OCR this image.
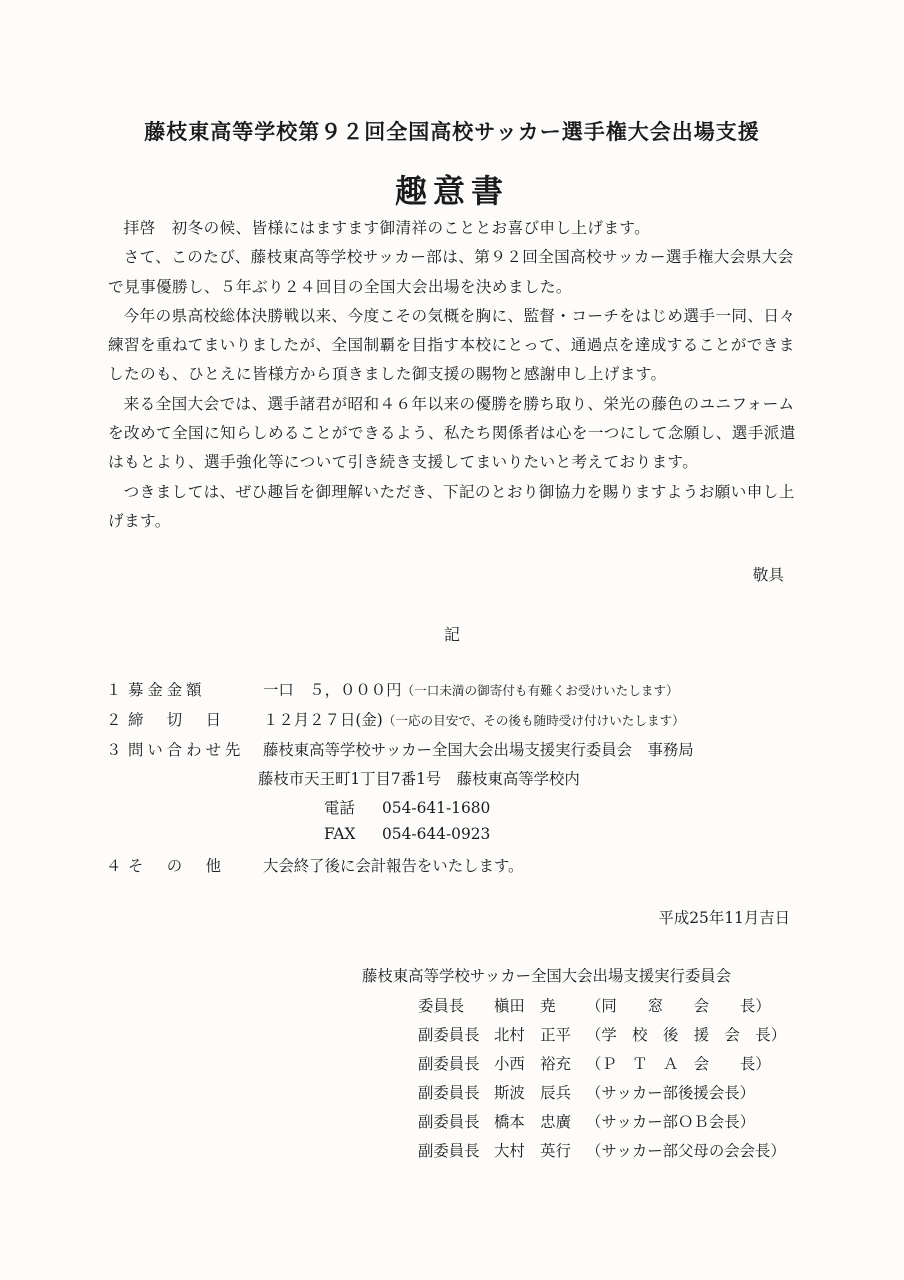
藤枝東高等学校第９２回全国高校サッカー選手権大会出場支援
趣意書

拝啓　初冬の候、皆様にはますます御清祥のこととお喜び申し上げます。

さて、このたび、藤枝東高等学校サッカー部は、第９２回全国高校サッカー選手権大会県大会で見事優勝し、５年ぶり２４回目の全国大会出場を決めました。

今年の県高校総体決勝戦以来、今度こその気概を胸に、監督・コーチをはじめ選手一同、日々練習を重ねてまいりましたが、全国制覇を目指す本校にとって、通過点を達成することができましたのも、ひとえに皆様方から頂きました御支援の賜物と感謝申し上げます。

来る全国大会では、選手諸君が昭和４６年以来の優勝を勝ち取り、栄光の藤色のユニフォームを改めて全国に知らしめることができるよう、私たち関係者は心を一つにして念願し、選手派遣はもとより、選手強化等について引き続き支援してまいりたいと考えております。

つきましては、ぜひ趣旨を御理解いただき、下記のとおり御協力を賜りますようお願い申し上げます。

敬具
記
１ 募金金額	一口　５，０００円（一口未満の御寄付も有難くお受けいたします）
２ 締　切　日 １２月２７日(金)（一応の目安で、その後も随時受け付けいたします）
３ 問い合わせ先 藤枝東高等学校サッカー全国大会出場支援実行委員会　事務局
藤枝市天王町1丁目7番1号　藤枝東高等学校内
電話 054-641-1680
FAX 054-644-0923
４ そ　の　他 大会終了後に会計報告をいたします。
平成25年11月吉日
藤枝東高等学校サッカー全国大会出場支援実行委員会
委員長 槇田　尭 （同　　窓　　会　　長）
副委員長 北村　正平 （学　校　後　援　会　長）
副委員長 小西　裕充 （Ｐ　Ｔ　Ａ　会　　長）
副委員長 斯波　辰兵 （サッカー部後援会長）
副委員長 橋本　忠廣 （サッカー部ＯＢ会長）
副委員長 大村　英行 （サッカー部父母の会会長）
